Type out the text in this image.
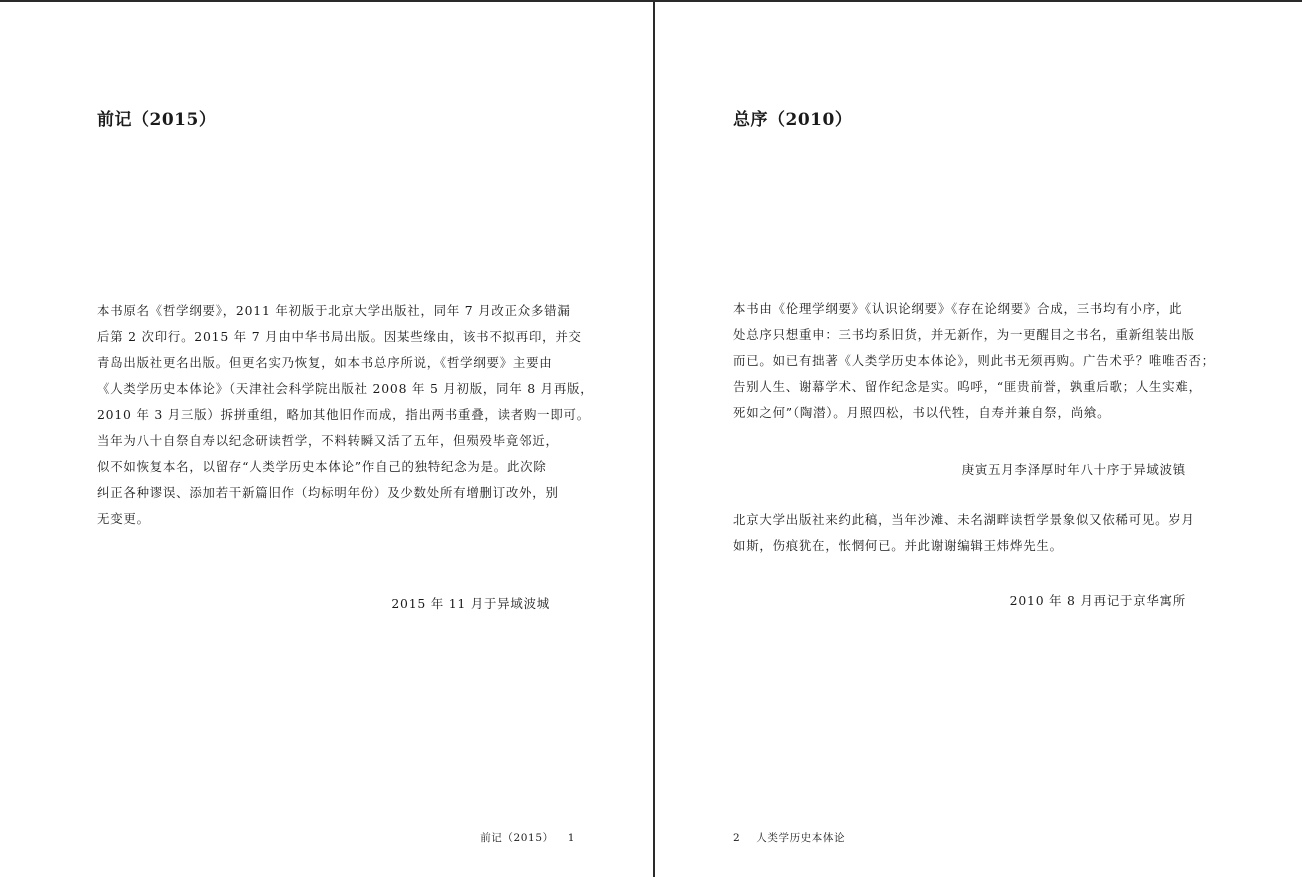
前记（2015）
本书原名《哲学纲要》，2011 年初版于北京大学出版社，同年 7 月改正众多错漏
后第 2 次印行。2015 年 7 月由中华书局出版。因某些缘由，该书不拟再印，并交
青岛出版社更名出版。但更名实乃恢复，如本书总序所说，《哲学纲要》主要由
《人类学历史本体论》（天津社会科学院出版社 2008 年 5 月初版，同年 8 月再版，
2010 年 3 月三版）拆拼重组，略加其他旧作而成，指出两书重叠，读者购一即可。
当年为八十自祭自寿以纪念研读哲学，不料转瞬又活了五年，但殒殁毕竟邻近，
似不如恢复本名，以留存“人类学历史本体论”作自己的独特纪念为是。此次除
纠正各种谬误、添加若干新篇旧作（均标明年份）及少数处所有增删订改外，别
无变更。
2015 年 11 月于异域波城
前记（2015） 1
总序（2010）
本书由《伦理学纲要》《认识论纲要》《存在论纲要》合成，三书均有小序，此
处总序只想重申：三书均系旧货，并无新作，为一更醒目之书名，重新组装出版
而已。如已有拙著《人类学历史本体论》，则此书无须再购。广告术乎？唯唯否否；
告别人生、谢幕学术、留作纪念是实。呜呼，“匪贵前誉，孰重后歌；人生实难，
死如之何”（陶潜）。月照四松，书以代牲，自寿并兼自祭，尚飨。
庚寅五月李泽厚时年八十序于异域波镇
北京大学出版社来约此稿，当年沙滩、未名湖畔读哲学景象似又依稀可见。岁月
如斯，伤痕犹在，怅惘何已。并此谢谢编辑王炜烨先生。
2010 年 8 月再记于京华寓所
2 人类学历史本体论
